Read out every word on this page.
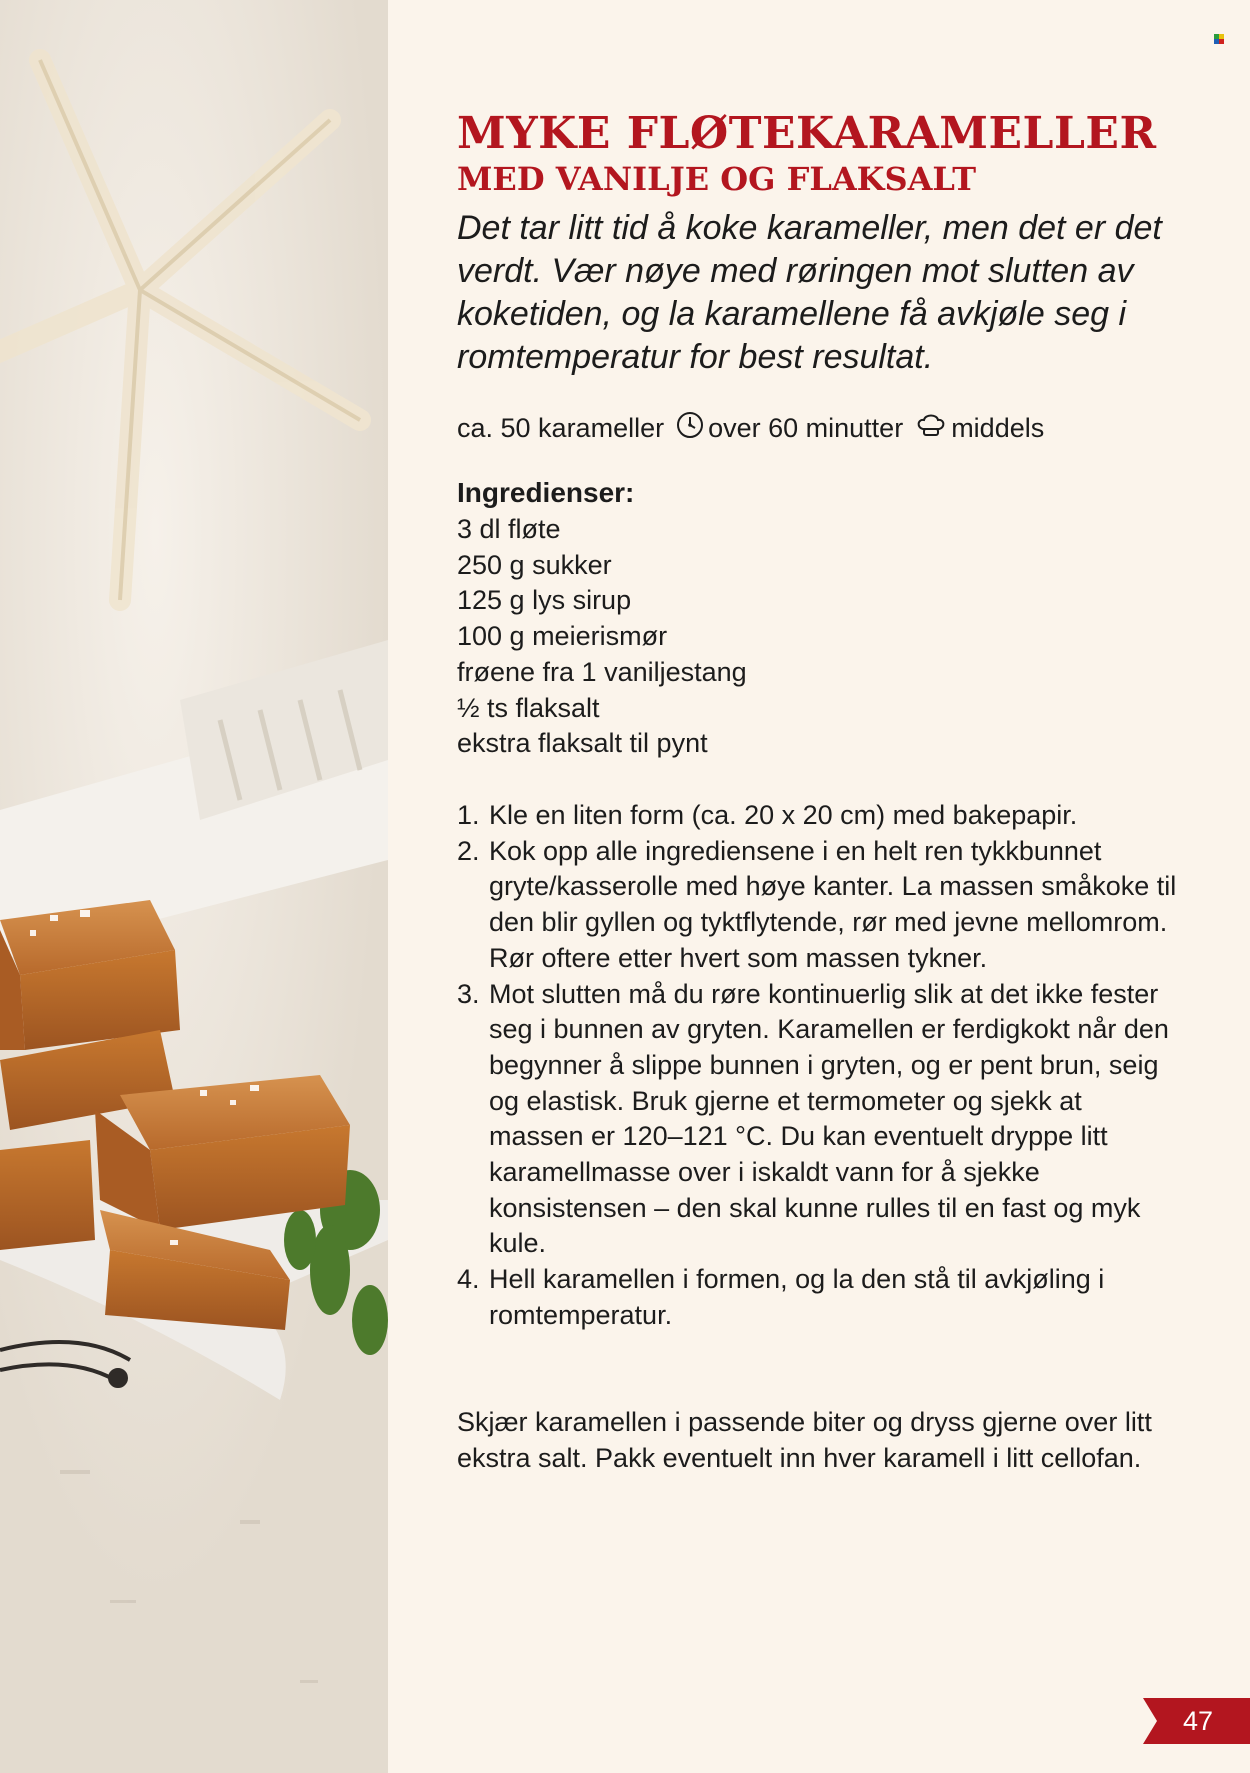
MYKE FLØTEKARAMELLER
MED VANILJE OG FLAKSALT
Det tar litt tid å koke karameller, men det er det verdt. Vær nøye med røringen mot slutten av koketiden, og la karamellene få avkjøle seg i romtemperatur for best resultat.
ca. 50 karameller over 60 minutter middels
Ingredienser:
3 dl fløte
250 g sukker
125 g lys sirup
100 g meierismør
frøene fra 1 vaniljestang
½ ts flaksalt
ekstra flaksalt til pynt
1. Kle en liten form (ca. 20 x 20 cm) med bakepapir.
2. Kok opp alle ingrediensene i en helt ren tykkbunnet gryte/kasserolle med høye kanter. La massen småkoke til den blir gyllen og tyktflytende, rør med jevne mellomrom. Rør oftere etter hvert som massen tykner.
3. Mot slutten må du røre kontinuerlig slik at det ikke fester seg i bunnen av gryten. Karamellen er ferdigkokt når den begynner å slippe bunnen i gryten, og er pent brun, seig og elastisk. Bruk gjerne et termometer og sjekk at massen er 120–121 °C. Du kan eventuelt dryppe litt karamellmasse over i iskaldt vann for å sjekke konsistensen – den skal kunne rulles til en fast og myk kule.
4. Hell karamellen i formen, og la den stå til avkjøling i romtemperatur.
Skjær karamellen i passende biter og dryss gjerne over litt ekstra salt. Pakk eventuelt inn hver karamell i litt cellofan.
47
